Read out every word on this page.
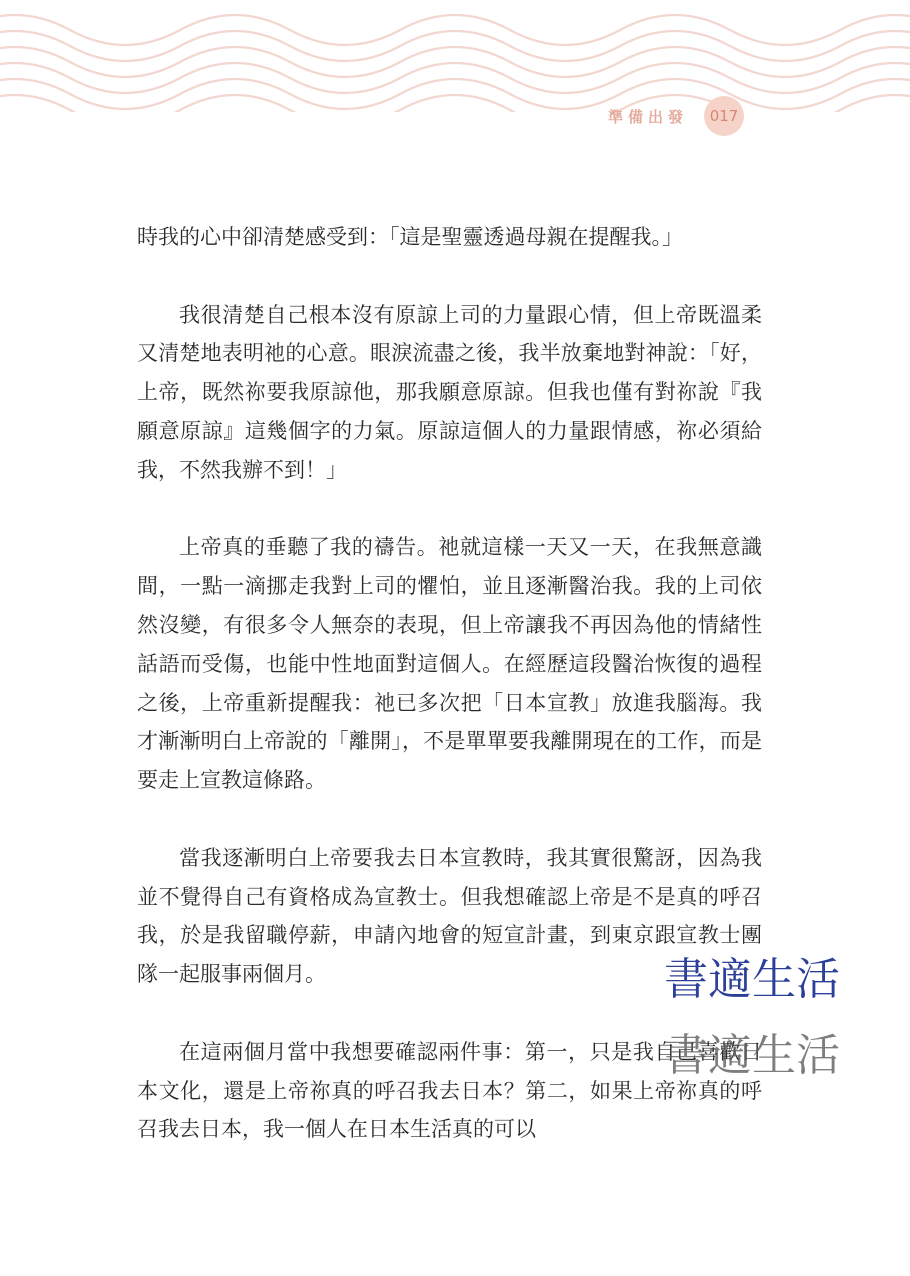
準備出發	017

時我的心中卻清楚感受到：「這是聖靈透過母親在提醒我。」

我很清楚自己根本沒有原諒上司的力量跟心情，但上帝既溫柔又清楚地表明祂的心意。眼淚流盡之後，我半放棄地對神說：「好，上帝，既然祢要我原諒他，那我願意原諒。但我也僅有對祢說『我願意原諒』這幾個字的力氣。原諒這個人的力量跟情感，祢必須給我，不然我辦不到！」

上帝真的垂聽了我的禱告。祂就這樣一天又一天，在我無意識間，一點一滴挪走我對上司的懼怕，並且逐漸醫治我。我的上司依然沒變，有很多令人無奈的表現，但上帝讓我不再因為他的情緒性話語而受傷，也能中性地面對這個人。在經歷這段醫治恢復的過程之後，上帝重新提醒我：祂已多次把「日本宣教」放進我腦海。我才漸漸明白上帝說的「離開」，不是單單要我離開現在的工作，而是要走上宣教這條路。

當我逐漸明白上帝要我去日本宣教時，我其實很驚訝，因為我並不覺得自己有資格成為宣教士。但我想確認上帝是不是真的呼召我，於是我留職停薪，申請內地會的短宣計畫，到東京跟宣教士團隊一起服事兩個月。

在這兩個月當中我想要確認兩件事：第一，只是我自己喜歡日本文化，還是上帝祢真的呼召我去日本？第二，如果上帝祢真的呼召我去日本，我一個人在日本生活真的可以

書適生活
書適生活
